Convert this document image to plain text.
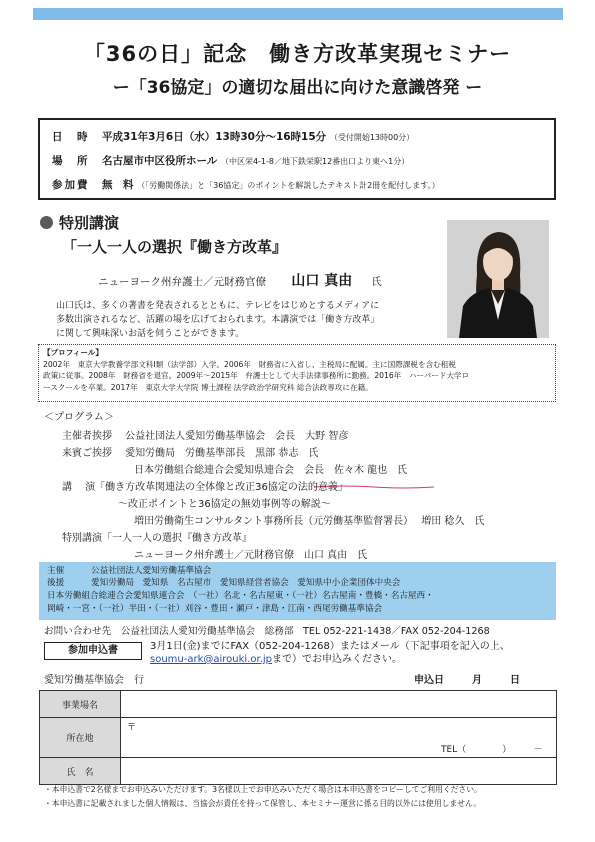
「36の日」記念　働き方改革実現セミナー
ー「36協定」の適切な届出に向けた意識啓発 ー
日　時 平成31年3月6日（水）13時30分～16時15分 （受付開始13時00分）
場　所 名古屋市中区役所ホール （中区栄4-1-8／地下鉄栄駅12番出口より東へ1分）
参加費 無　料 （「労働関係法」と「36協定」のポイントを解説したテキスト計2冊を配付します。）
特別講演
「一人一人の選択『働き方改革』
ニューヨーク州弁護士／元財務官僚 山口 真由 氏
山口氏は、多くの著書を発表されるとともに、テレビをはじめとするメディアに
多数出演されるなど、活躍の場を広げておられます。本講演では「働き方改革」
に関して興味深いお話を伺うことができます。
【プロフィール】
2002年　東京大学教養学部文科Ⅰ類（法学部）入学。2006年　財務省に入省し、主税局に配属。主に国際課税を含む租税
政策に従事。2008年　財務省を退官。2009年～2015年　弁護士として大手法律事務所に勤務。2016年　ハーバード大学ロ
ースクールを卒業。2017年　東京大学大学院 博士課程 法学政治学研究科 総合法政専攻に在籍。
＜プログラム＞
主催者挨拶　 公益社団法人愛知労働基準協会　会長　大野 智彦
来賓ご挨拶　 愛知労働局　労働基準部長　黒部 恭志　氏
日本労働組合総連合会愛知県連合会　会長　佐々木 龍也　氏
講　 演「働き方改革関連法の全体像と改正36協定の法的意義」
～改正ポイントと36協定の無効事例等の解説～
増田労働衛生コンサルタント事務所長（元労働基準監督署長）　 増田 稔久　氏
特別講演「一人一人の選択『働き方改革』
ニューヨーク州弁護士／元財務官僚　山口 真由　氏
主催	公益社団法人愛知労働基準協会
後援	愛知労働局　愛知県　名古屋市　愛知県経営者協会　愛知県中小企業団体中央会
日本労働組合総連合会愛知県連合会　（一社）名北・名古屋東・（一社）名古屋南・豊橋・名古屋西・
岡崎・一宮・（一社）半田・（一社）刈谷・豊田・瀬戸・津島・江南・西尾労働基準協会
お問い合わせ先　公益社団法人愛知労働基準協会　総務部　TEL 052-221-1438／FAX 052-204-1268
参加申込書	3月1日(金)までにFAX（052-204-1268）またはメール（下記事項を記入の上、
soumu-ark@airouki.or.jpまで）でお申込みください。
愛知労働基準協会　行	申込日	月	日
事業場名	
所在地	〒
TEL（　　　　）　　　－

氏　名	
・本申込書で2名様までお申込みいただけます。3名様以上でお申込みいただく場合は本申込書をコピーしてご利用ください。
・本申込書に記載されました個人情報は、当協会が責任を持って保管し、本セミナー運営に係る目的以外には使用しません。
